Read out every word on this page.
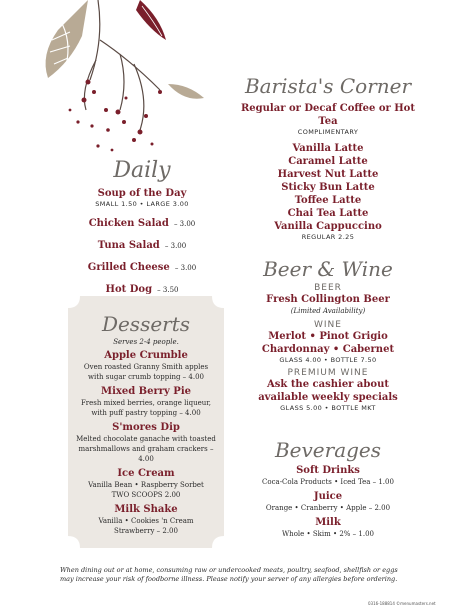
Daily
Soup of the Day
SMALL 1.50 • LARGE 3.00
Chicken Salad – 3.00
Tuna Salad – 3.00
Grilled Cheese – 3.00
Hot Dog – 3.50
Desserts
Serves 2-4 people.
Apple Crumble
Oven roasted Granny Smith apples
with sugar crumb topping – 4.00
Mixed Berry Pie
Fresh mixed berries, orange liqueur,
with puff pastry topping – 4.00
S'mores Dip
Melted chocolate ganache with toasted
marshmallows and graham crackers – 4.00
Ice Cream
Vanilla Bean • Raspberry Sorbet
TWO SCOOPS 2.00
Milk Shake
Vanilla • Cookies 'n Cream
Strawberry – 2.00
Barista's Corner
Regular or Decaf Coffee or Hot Tea
COMPLIMENTARY
Vanilla Latte
Caramel Latte
Harvest Nut Latte
Sticky Bun Latte
Toffee Latte
Chai Tea Latte
Vanilla Cappuccino
REGULAR 2.25
Beer & Wine
BEER
Fresh Collington Beer
(Limited Availability)
WINE
Merlot • Pinot Grigio
Chardonnay • Cabernet
GLASS 4.00 • BOTTLE 7.50
PREMIUM WINE
Ask the cashier about
available weekly specials
GLASS 5.00 • BOTTLE MKT
Beverages
Soft Drinks
Coca-Cola Products • Iced Tea – 1.00
Juice
Orange • Cranberry • Apple – 2.00
Milk
Whole • Skim • 2% – 1.00
When dining out or at home, consuming raw or undercooked meats, poultry, seafood, shellfish or eggs
may increase your risk of foodborne illness. Please notify your server of any allergies before ordering.
0316-188814 ©menumasters.net
